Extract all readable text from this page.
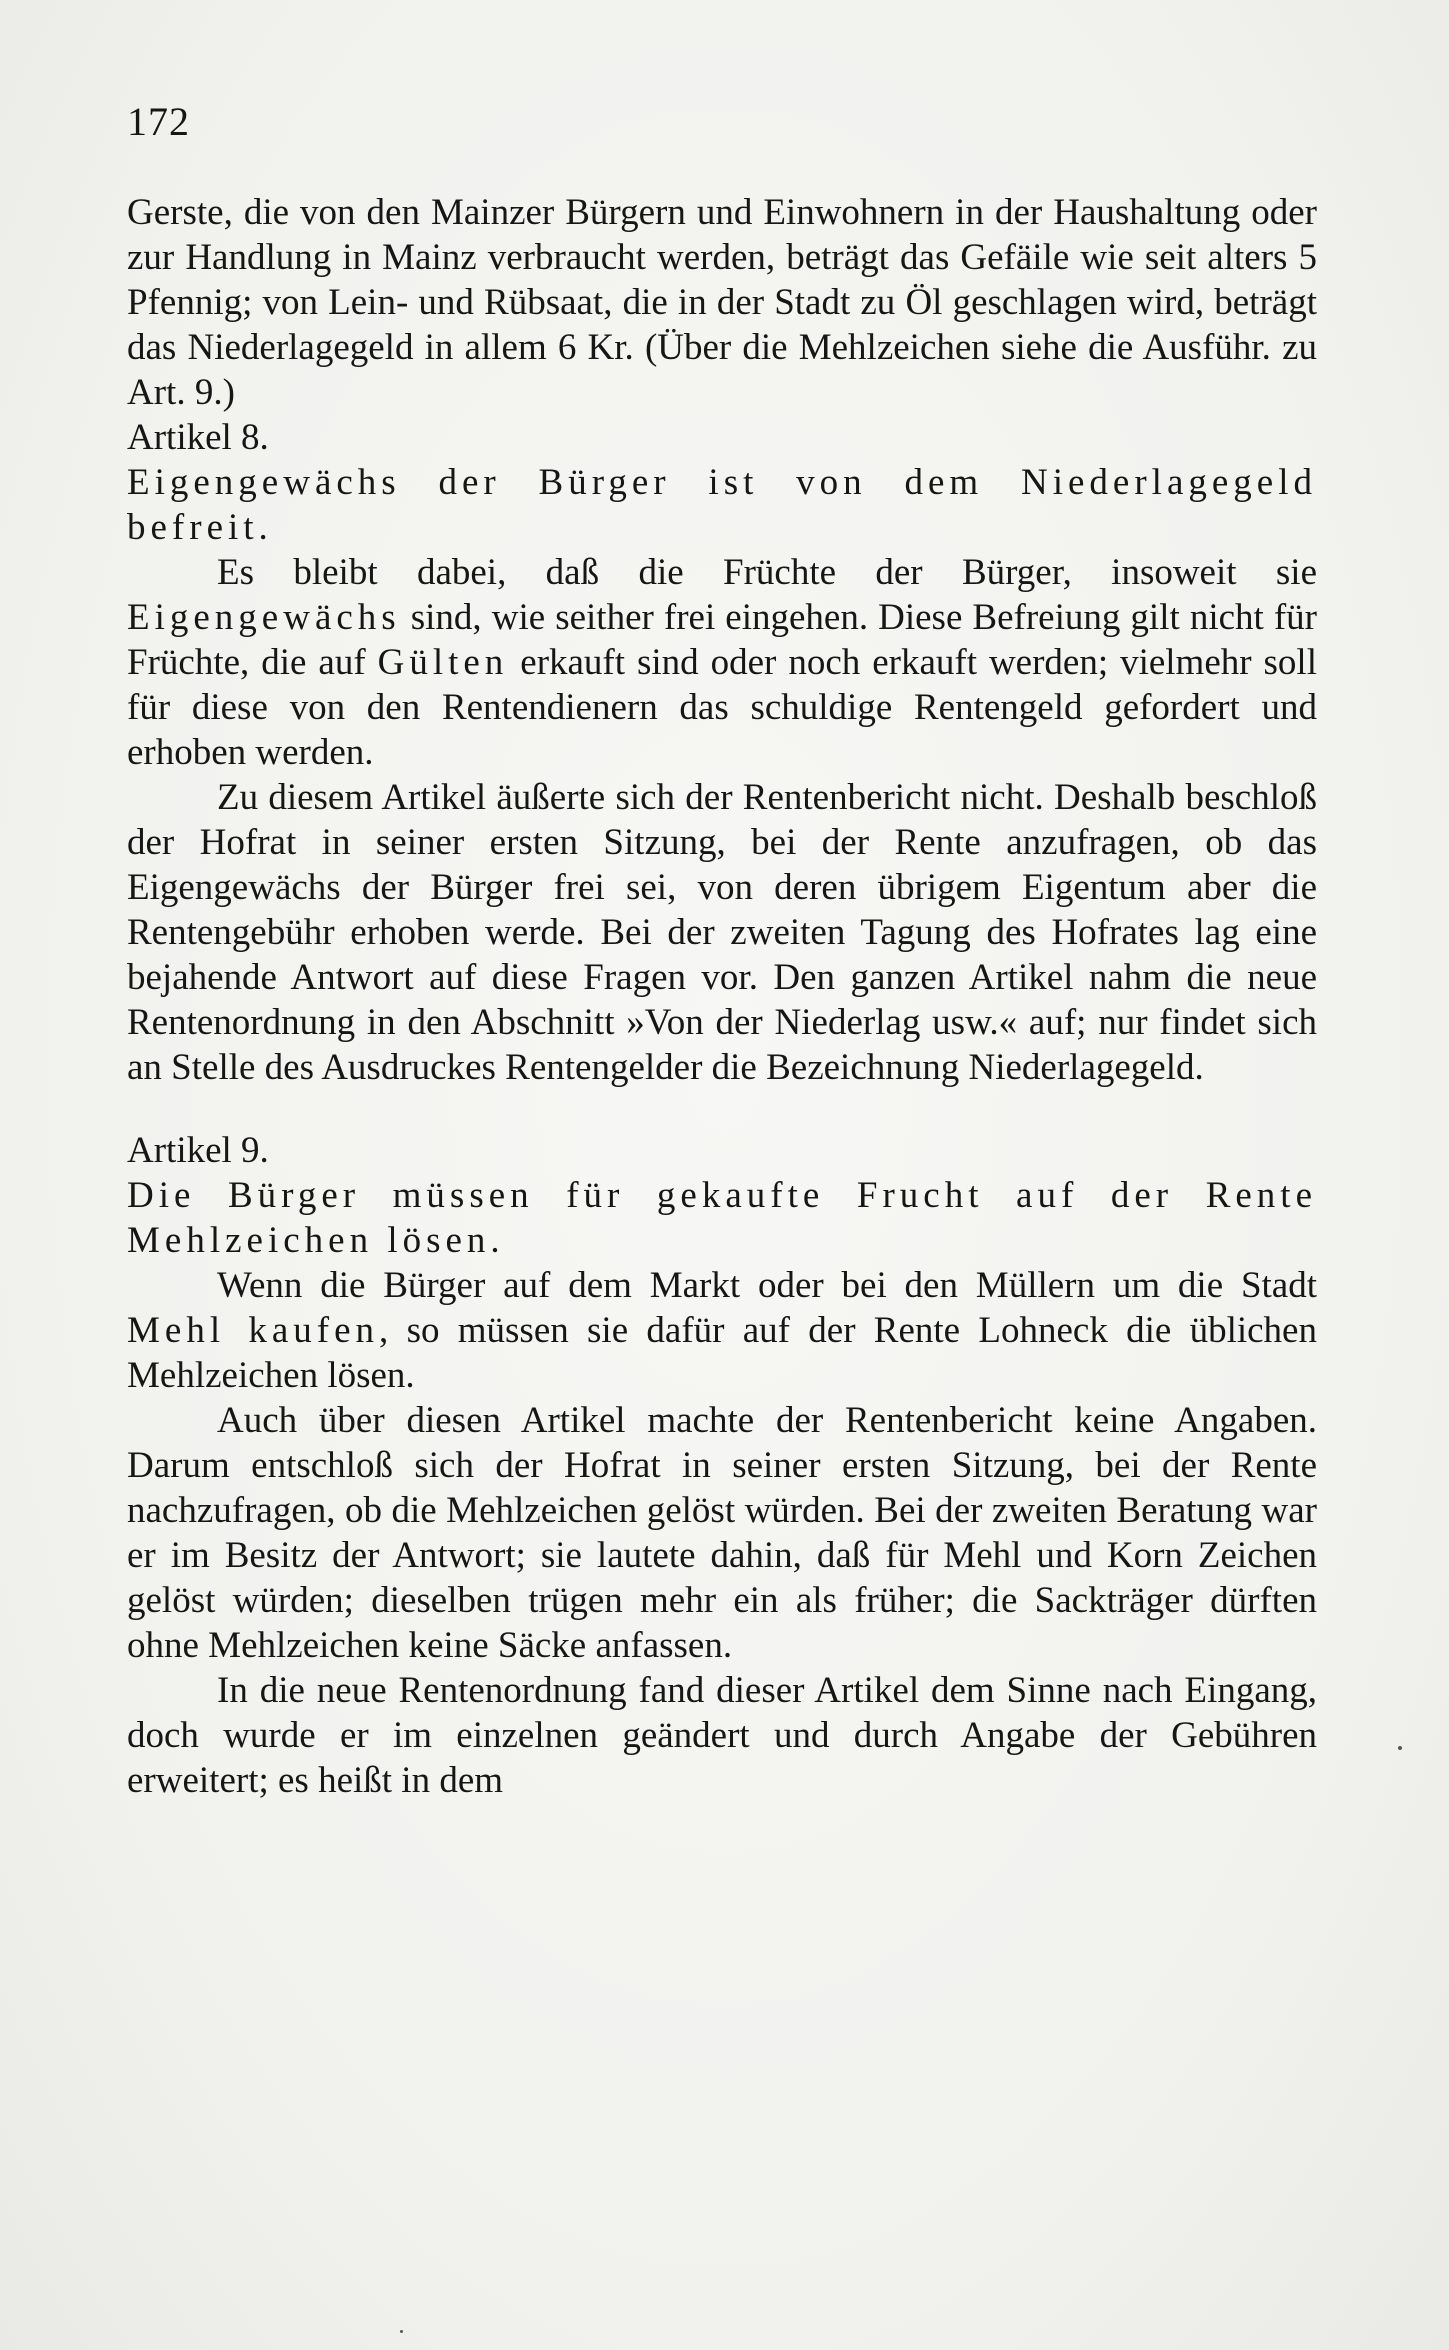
172

Gerste, die von den Mainzer Bürgern und Einwohnern in der Haushaltung oder zur Handlung in Mainz verbraucht werden, beträgt das Gefäile wie seit alters 5 Pfennig; von Lein- und Rübsaat, die in der Stadt zu Öl geschlagen wird, beträgt das Niederlagegeld in allem 6 Kr. (Über die Mehlzeichen siehe die Ausführ. zu Art. 9.)

Artikel 8.

Eigengewächs der Bürger ist von dem Niederlagegeld befreit.

Es bleibt dabei, daß die Früchte der Bürger, insoweit sie Eigengewächs sind, wie seither frei eingehen. Diese Befreiung gilt nicht für Früchte, die auf Gülten erkauft sind oder noch erkauft werden; vielmehr soll für diese von den Rentendienern das schuldige Rentengeld gefordert und erhoben werden.

Zu diesem Artikel äußerte sich der Rentenbericht nicht. Deshalb beschloß der Hofrat in seiner ersten Sitzung, bei der Rente anzufragen, ob das Eigengewächs der Bürger frei sei, von deren übrigem Eigentum aber die Rentengebühr erhoben werde. Bei der zweiten Tagung des Hofrates lag eine bejahende Antwort auf diese Fragen vor. Den ganzen Artikel nahm die neue Rentenordnung in den Abschnitt »Von der Niederlag usw.« auf; nur findet sich an Stelle des Ausdruckes Rentengelder die Bezeichnung Niederlagegeld.

Artikel 9.

Die Bürger müssen für gekaufte Frucht auf der Rente Mehlzeichen lösen.

Wenn die Bürger auf dem Markt oder bei den Müllern um die Stadt Mehl kaufen, so müssen sie dafür auf der Rente Lohneck die üblichen Mehlzeichen lösen.

Auch über diesen Artikel machte der Rentenbericht keine Angaben. Darum entschloß sich der Hofrat in seiner ersten Sitzung, bei der Rente nachzufragen, ob die Mehlzeichen gelöst würden. Bei der zweiten Beratung war er im Besitz der Antwort; sie lautete dahin, daß für Mehl und Korn Zeichen gelöst würden; dieselben trügen mehr ein als früher; die Sackträger dürften ohne Mehlzeichen keine Säcke anfassen.

In die neue Rentenordnung fand dieser Artikel dem Sinne nach Eingang, doch wurde er im einzelnen geändert und durch Angabe der Gebühren erweitert; es heißt in dem
